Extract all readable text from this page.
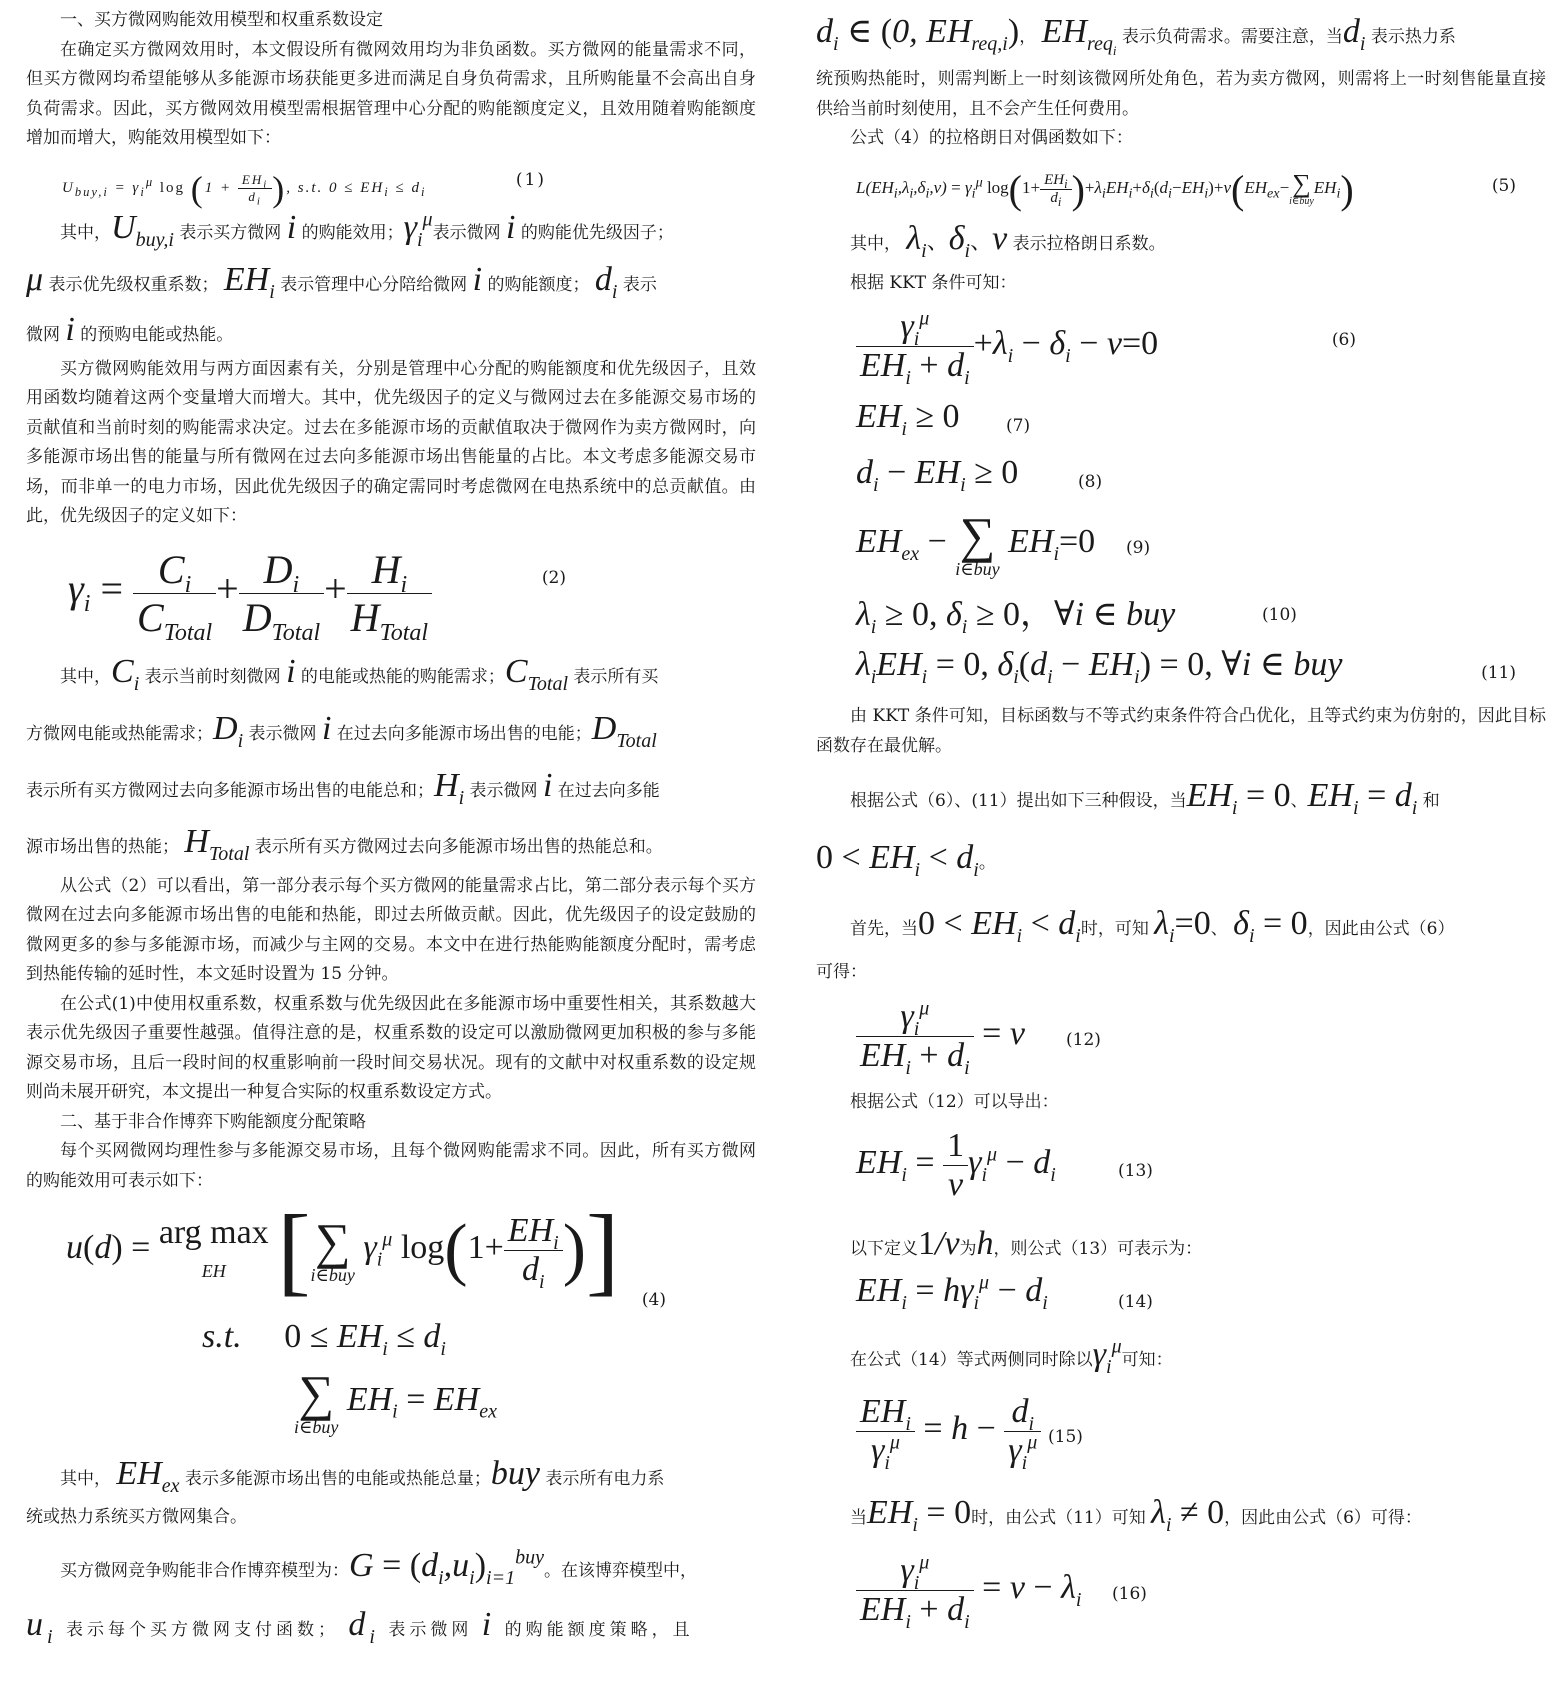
一、买方微网购能效用模型和权重系数设定

在确定买方微网效用时，本文假设所有微网效用均为非负函数。买方微网的能量需求不同，但买方微网均希望能够从多能源市场获能更多进而满足自身负荷需求，且所购能量不会高出自身负荷需求。因此，买方微网效用模型需根据管理中心分配的购能额度定义，且效用随着购能额度增加而增大，购能效用模型如下：

$U_{buy,i} = \gamma_i^\mu$ $\log (1 + \frac{EH_i}{d_i}$ ), s.t. $0 \le EH_i \le d_i$
(1)

其中，$U_{buy,i}$ 表示买方微网 i 的购能效用；$\gamma_i^\mu$表示微网 i 的购能优先级因子；

μ 表示优先级权重系数； $EH_i$ 表示管理中心分陪给微网 i 的购能额度； $d_i$ 表示

微网 i 的预购电能或热能。

买方微网购能效用与两方面因素有关，分别是管理中心分配的购能额度和优先级因子，且效用函数均随着这两个变量增大而增大。其中，优先级因子的定义与微网过去在多能源交易市场的贡献值和当前时刻的购能需求决定。过去在多能源市场的贡献值取决于微网作为卖方微网时，向多能源市场出售的能量与所有微网在过去向多能源市场出售能量的占比。本文考虑多能源交易市场，而非单一的电力市场，因此优先级因子的确定需同时考虑微网在电热系统中的总贡献值。由此，优先级因子的定义如下：

$\gamma_i = \frac{C_i}{C_{Total}} + \frac{D_i}{D_{Total}} + \frac{H_i}{H_{Total}}$	(2)

其中，$C_i$ 表示当前时刻微网 i 的电能或热能的购能需求；$C_{Total}$ 表示所有买

方微网电能或热能需求；$D_i$ 表示微网 i 在过去向多能源市场出售的电能；$D_{Total}$

表示所有买方微网过去向多能源市场出售的电能总和；$H_i$ 表示微网 i 在过去向多能

源市场出售的热能； $H_{Total}$ 表示所有买方微网过去向多能源市场出售的热能总和。

从公式（2）可以看出，第一部分表示每个买方微网的能量需求占比，第二部分表示每个买方微网在过去向多能源市场出售的电能和热能，即过去所做贡献。因此，优先级因子的设定鼓励的微网更多的参与多能源市场，而减少与主网的交易。本文中在进行热能购能额度分配时，需考虑到热能传输的延时性，本文延时设置为 15 分钟。

在公式(1)中使用权重系数，权重系数与优先级因此在多能源市场中重要性相关，其系数越大表示优先级因子重要性越强。值得注意的是，权重系数的设定可以激励微网更加积极的参与多能源交易市场，且后一段时间的权重影响前一段时间交易状况。现有的文献中对权重系数的设定规则尚未展开研究，本文提出一种复合实际的权重系数设定方式。

二、基于非合作博弈下购能额度分配策略

每个买网微网均理性参与多能源交易市场，且每个微网购能需求不同。因此，所有买方微网的购能效用可表示如下：

u(d) = arg max
EH [ ∑
i∈buy
$\gamma_i^\mu$ $\log(1+ \frac{EH_i}{d_i}$ )]
s.t. $0 \le EH_i \le d_i$
∑
i∈buy
$EH_i = EH_{ex}$
(4)

其中， $EH_{ex}$ 表示多能源市场出售的电能或热能总量；buy 表示所有电力系

统或热力系统买方微网集合。

买方微网竞争购能非合作博弈模型为：$G = (d_i,u_i)_{i=1}^{buy}$。在该博弈模型中，

$u_i$ 表示每个买方微网支付函数； $d_i$ 表示微网 i 的购能额度策略，且

$d_i$ ∈ (0, $EH_{req,i}$)， $EH_{req_i}$ 表示负荷需求。需要注意，当$d_i$ 表示热力系

统预购热能时，则需判断上一时刻该微网所处角色，若为卖方微网，则需将上一时刻售能量直接供给当前时刻使用，且不会产生任何费用。

公式（4）的拉格朗日对偶函数如下：

$L(EH_i,\lambda_i,\delta_i,v) = \gamma_i^\mu$ $\log(1+ \frac{EH_i}{d_i} )+\lambda_iEH_i+\delta_i(d_i-EH_i)+v(EH_{ex}-$ ∑
i∈buy
$EH_i$)	(5)

其中， $\lambda_i$、$\delta_i$、v 表示拉格朗日系数。

根据 KKT 条件可知：

$\frac{\gamma_i^\mu}{EH_i + d_i} +\lambda_i - \delta_i - v=0$	(6)
$EH_i \ge 0$	(7)
$d_i - EH_i \ge 0$	(8)
$EH_{ex}$ − ∑
i∈buy
$EH_i=0$ (9)
$\lambda_i \ge 0$, $\delta_i \ge 0$，∀i ∈ buy	(10)
$\lambda_iEH_i = 0$, $\delta_i(d_i - EH_i) = 0$, ∀i ∈ buy	(11)

由 KKT 条件可知，目标函数与不等式约束条件符合凸优化，且等式约束为仿射的，因此目标函数存在最优解。

根据公式（6）、(11）提出如下三种假设，当$EH_i = 0$、$EH_i = d_i$ 和

$0 < EH_i < d_i$。

首先，当$0 < EH_i < d_i$时，可知 $\lambda_i=0$、 $\delta_i = 0$，因此由公式（6）

可得：

$\frac{\gamma_i^\mu}{EH_i + d_i} = v$ (12)

根据公式（12）可以导出：

$EH_i = \frac{1}{v} \gamma_i^\mu - d_i$	(13)

以下定义1/v为h，则公式（13）可表示为：

$EH_i = h\gamma_i^\mu - d_i$	(14)

在公式（14）等式两侧同时除以$\gamma_i^\mu$可知：

$\frac{EH_i}{\gamma_i^\mu} = h - \frac{d_i}{\gamma_i^\mu} (15)$

当$EH_i = 0$时，由公式（11）可知 $\lambda_i \ne 0$，因此由公式（6）可得：

$\frac{\gamma_i^\mu}{EH_i + d_i} = v - \lambda_i$ (16)
